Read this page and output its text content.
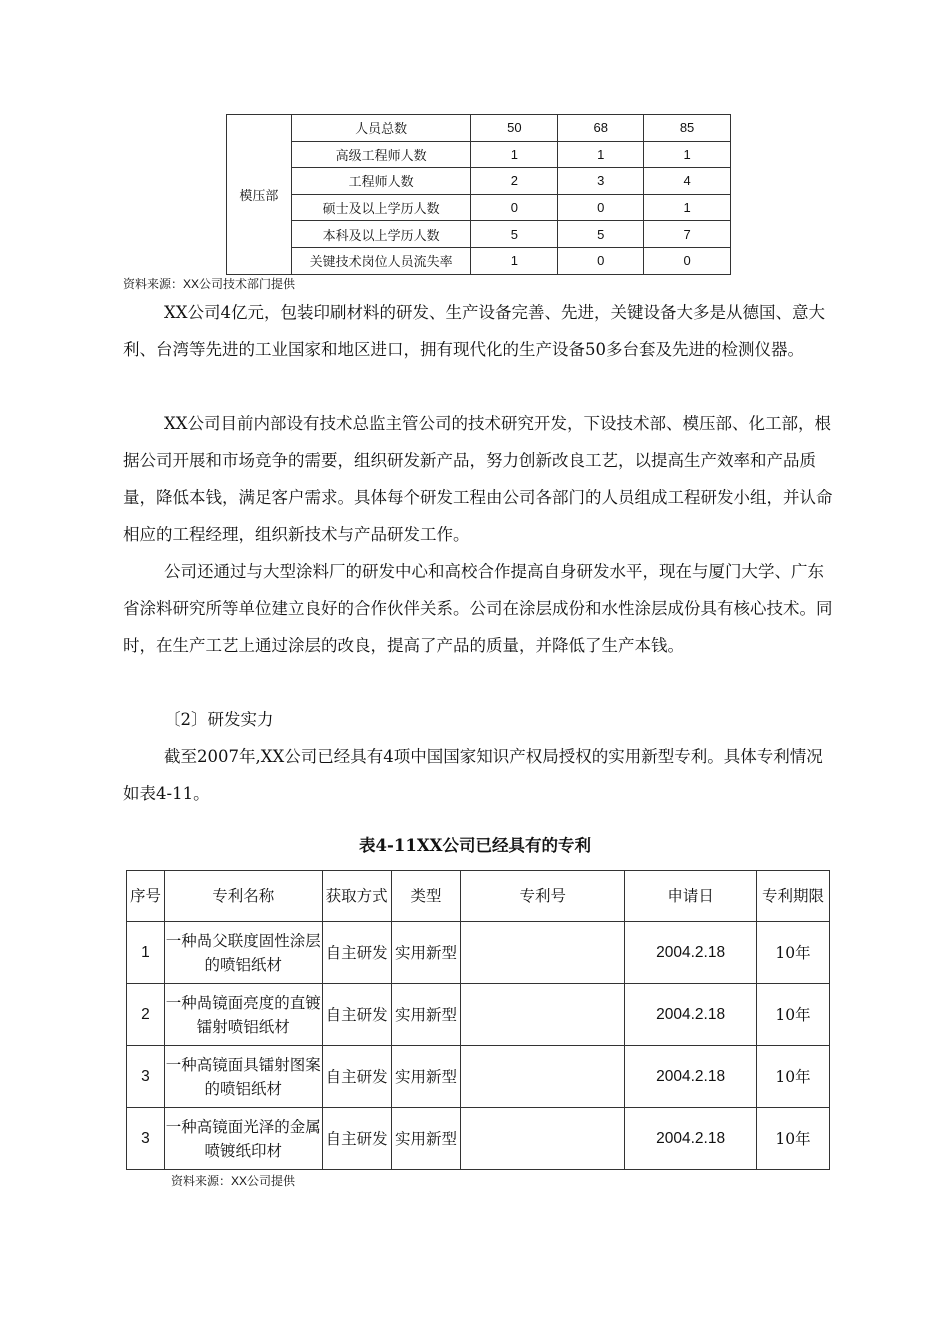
模压部	人员总数	50	68	85
	高级工程师人数	1	1	1
	工程师人数	2	3	4
	硕士及以上学历人数	0	0	1
	本科及以上学历人数	5	5	7
	关键技术岗位人员流失率	1	0	0
资料来源：XX公司技术部门提供

XX公司4亿元，包装印刷材料的研发、生产设备完善、先进，关键设备大多是从德国、意大利、台湾等先进的工业国家和地区进口，拥有现代化的生产设备50多台套及先进的检测仪器。

XX公司目前内部设有技术总监主管公司的技术研究开发，下设技术部、模压部、化工部，根据公司开展和市场竞争的需要，组织研发新产品，努力创新改良工艺，以提高生产效率和产品质量，降低本钱，满足客户需求。具体每个研发工程由公司各部门的人员组成工程研发小组，并认命相应的工程经理，组织新技术与产品研发工作。

公司还通过与大型涂料厂的研发中心和高校合作提高自身研发水平，现在与厦门大学、广东省涂料研究所等单位建立良好的合作伙伴关系。公司在涂层成份和水性涂层成份具有核心技术。同时，在生产工艺上通过涂层的改良，提高了产品的质量，并降低了生产本钱。

〔2〕研发实力

截至2007年,XX公司已经具有4项中国国家知识产权局授权的实用新型专利。具体专利情况如表4-11。

表4-11XX公司已经具有的专利
序号	专利名称	获取方式	类型	专利号	申请日	专利期限
1	一种咼父联度固性涂层的喷铝纸材	自主研发	实用新型		2004.2.18	10年
2	一种咼镜面亮度的直镀镭射喷铝纸材	自主研发	实用新型		2004.2.18	10年
3	一种高镜面具镭射图案的喷铝纸材	自主研发	实用新型		2004.2.18	10年
3	一种高镜面光泽的金属喷镀纸印材	自主研发	实用新型		2004.2.18	10年
资料来源：XX公司提供
